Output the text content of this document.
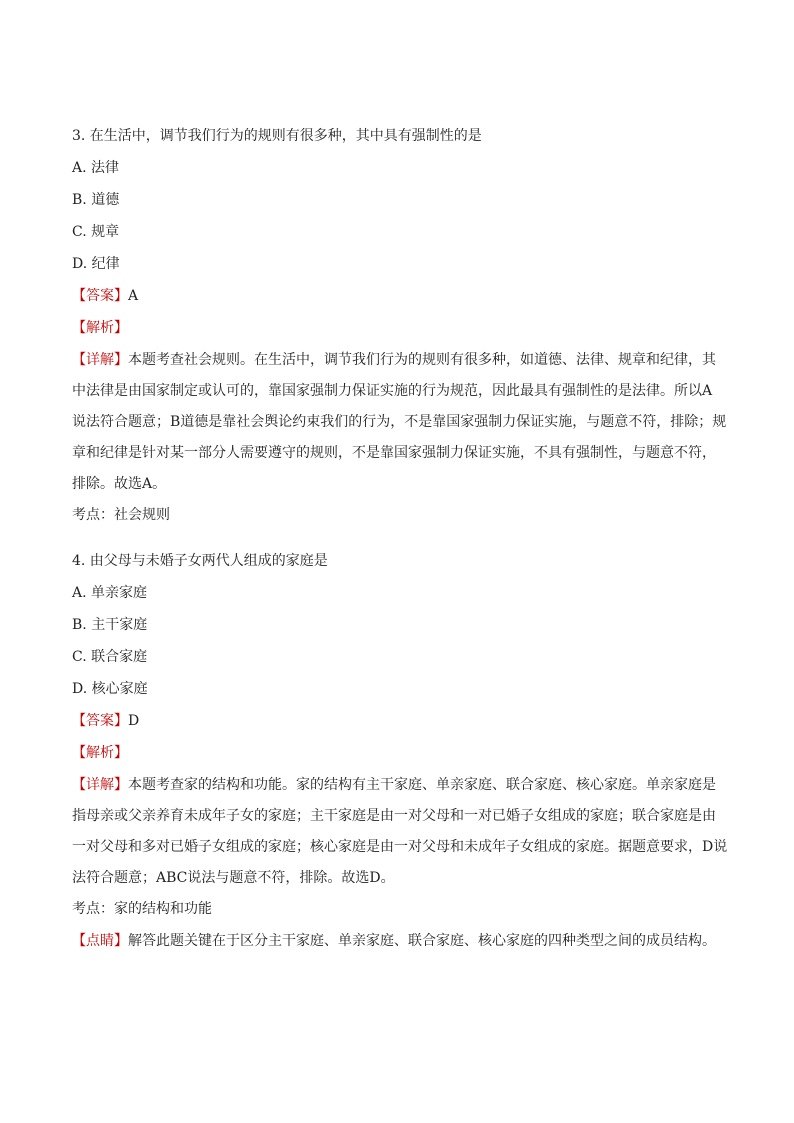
3. 在生活中，调节我们行为的规则有很多种，其中具有强制性的是
A. 法律
B. 道德
C. 规章
D. 纪律
【答案】A
【解析】
【详解】本题考查社会规则。在生活中，调节我们行为的规则有很多种，如道德、法律、规章和纪律，其
中法律是由国家制定或认可的，靠国家强制力保证实施的行为规范，因此最具有强制性的是法律。所以A
说法符合题意；B道德是靠社会舆论约束我们的行为，不是靠国家强制力保证实施，与题意不符，排除；规
章和纪律是针对某一部分人需要遵守的规则，不是靠国家强制力保证实施，不具有强制性，与题意不符，
排除。故选A。
考点：社会规则
4. 由父母与未婚子女两代人组成的家庭是
A. 单亲家庭
B. 主干家庭
C. 联合家庭
D. 核心家庭
【答案】D
【解析】
【详解】本题考查家的结构和功能。家的结构有主干家庭、单亲家庭、联合家庭、核心家庭。单亲家庭是
指母亲或父亲养育未成年子女的家庭；主干家庭是由一对父母和一对已婚子女组成的家庭；联合家庭是由
一对父母和多对已婚子女组成的家庭；核心家庭是由一对父母和未成年子女组成的家庭。据题意要求，D说
法符合题意；ABC说法与题意不符，排除。故选D。
考点：家的结构和功能
【点睛】解答此题关键在于区分主干家庭、单亲家庭、联合家庭、核心家庭的四种类型之间的成员结构。
